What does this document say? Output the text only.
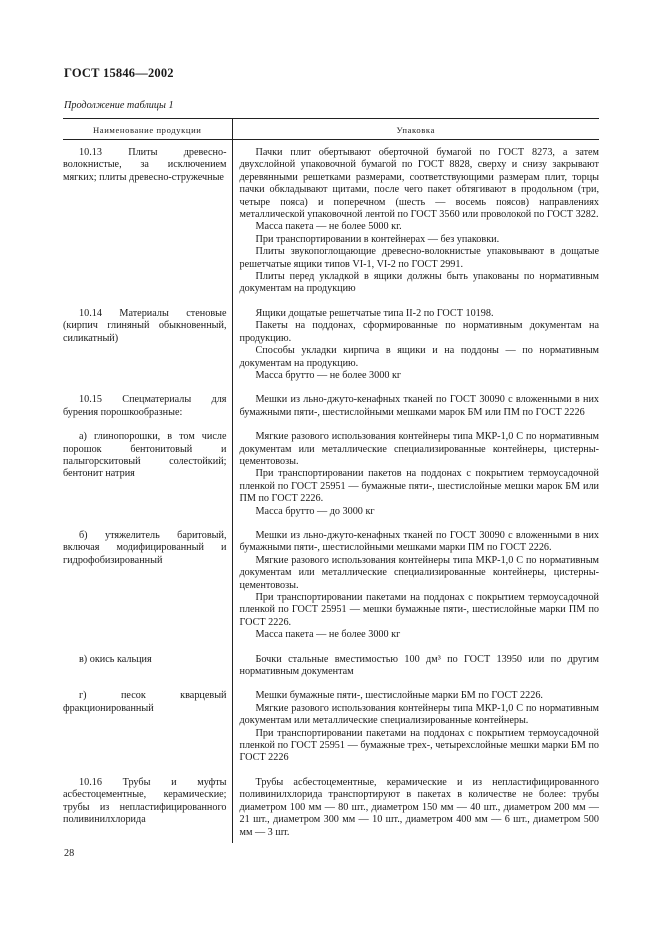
ГОСТ 15846—2002
Продолжение таблицы 1
Наименование продукции	Упаковка

10.13 Плиты древесно-волокнистые, за исключением мягких; плиты древесно-стружечные	Пачки плит обертывают оберточной бумагой по ГОСТ 8273, а затем двухслойной упаковочной бумагой по ГОСТ 8828, сверху и снизу закрывают деревянными решетками размерами, соответствующими размерам плит, торцы пачки обкладывают щитами, после чего пакет обтягивают в продольном (три, четыре пояса) и поперечном (шесть — восемь поясов) направлениях металлической упаковочной лентой по ГОСТ 3560 или проволокой по ГОСТ 3282.

Масса пакета — не более 5000 кг.

При транспортировании в контейнерах — без упаковки.

Плиты звукопоглощающие древесно-волокнистые упаковывают в дощатые решетчатые ящики типов VI-1, VI-2 по ГОСТ 2991.

Плиты перед укладкой в ящики должны быть упакованы по нормативным документам на продукцию

10.14 Материалы стеновые (кирпич глиняный обыкновенный, силикатный)	Ящики дощатые решетчатые типа II-2 по ГОСТ 10198.

Пакеты на поддонах, сформированные по нормативным документам на продукцию.

Способы укладки кирпича в ящики и на поддоны — по нормативным документам на продукцию.

Масса брутто — не более 3000 кг

10.15 Спецматериалы для бурения порошкообразные:	Мешки из льно-джуто-кенафных тканей по ГОСТ 30090 с вложенными в них бумажными пяти-, шестислойными мешками марок БМ или ПМ по ГОСТ 2226

а) глинопорошки, в том числе порошок бентонитовый и палыгорскитовый солестойкий; бентонит натрия	Мягкие разового использования контейнеры типа МКР-1,0 С по нормативным документам или металлические специализированные контейнеры, цистерны-цементовозы.

При транспортировании пакетов на поддонах с покрытием термоусадочной пленкой по ГОСТ 25951 — бумажные пяти-, шестислойные мешки марок БМ или ПМ по ГОСТ 2226.

Масса брутто — до 3000 кг

б) утяжелитель баритовый, включая модифицированный и гидрофобизированный	Мешки из льно-джуто-кенафных тканей по ГОСТ 30090 с вложенными в них бумажными пяти-, шестислойными мешками марки ПМ по ГОСТ 2226.

Мягкие разового использования контейнеры типа МКР-1,0 С по нормативным документам или металлические специализированные контейнеры, цистерны-цементовозы.

При транспортировании пакетами на поддонах с покрытием термоусадочной пленкой по ГОСТ 25951 — мешки бумажные пяти-, шестислойные марки ПМ по ГОСТ 2226.

Масса пакета — не более 3000 кг

в) окись кальция	Бочки стальные вместимостью 100 дм³ по ГОСТ 13950 или по другим нормативным документам

г) песок кварцевый фракционированный	Мешки бумажные пяти-, шестислойные марки БМ по ГОСТ 2226.

Мягкие разового использования контейнеры типа МКР-1,0 С по нормативным документам или металлические специализированные контейнеры.

При транспортировании пакетами на поддонах с покрытием термоусадочной пленкой по ГОСТ 25951 — бумажные трех-, четырехслойные мешки марки БМ по ГОСТ 2226

10.16 Трубы и муфты асбестоцементные, керамические; трубы из непластифицированного поливинилхлорида	Трубы асбестоцементные, керамические и из непластифицированного поливинилхлорида транспортируют в пакетах в количестве не более: трубы диаметром 100 мм — 80 шт., диаметром 150 мм — 40 шт., диаметром 200 мм — 21 шт., диаметром 300 мм — 10 шт., диаметром 400 мм — 6 шт., диаметром 500 мм — 3 шт.

28
